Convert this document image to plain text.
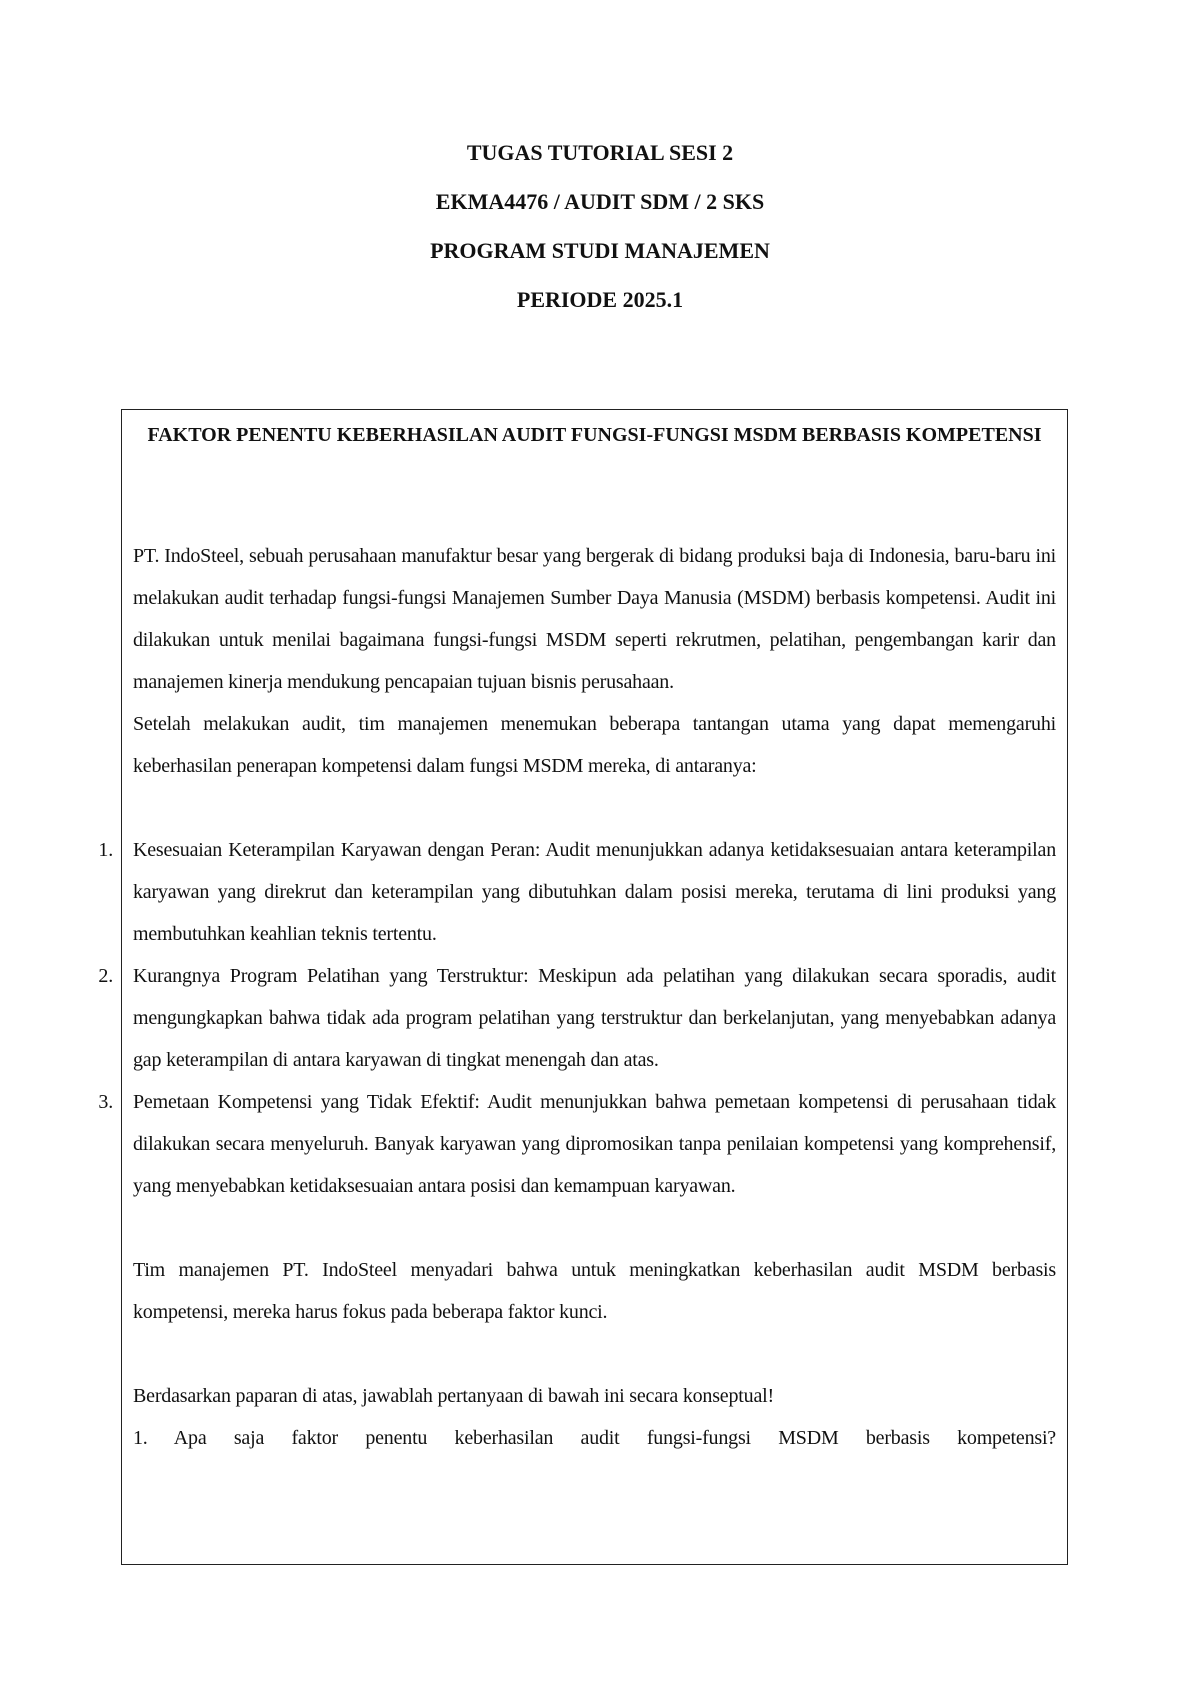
TUGAS TUTORIAL SESI 2
EKMA4476 / AUDIT SDM / 2 SKS
PROGRAM STUDI MANAJEMEN
PERIODE 2025.1
FAKTOR PENENTU KEBERHASILAN AUDIT FUNGSI-FUNGSI MSDM BERBASIS KOMPETENSI

PT. IndoSteel, sebuah perusahaan manufaktur besar yang bergerak di bidang produksi baja di Indonesia, baru-baru ini melakukan audit terhadap fungsi-fungsi Manajemen Sumber Daya Manusia (MSDM) berbasis kompetensi. Audit ini dilakukan untuk menilai bagaimana fungsi-fungsi MSDM seperti rekrutmen, pelatihan, pengembangan karir dan manajemen kinerja mendukung pencapaian tujuan bisnis perusahaan.

Setelah melakukan audit, tim manajemen menemukan beberapa tantangan utama yang dapat memengaruhi keberhasilan penerapan kompetensi dalam fungsi MSDM mereka, di antaranya:

1. Kesesuaian Keterampilan Karyawan dengan Peran: Audit menunjukkan adanya ketidaksesuaian antara keterampilan karyawan yang direkrut dan keterampilan yang dibutuhkan dalam posisi mereka, terutama di lini produksi yang membutuhkan keahlian teknis tertentu.
2. Kurangnya Program Pelatihan yang Terstruktur: Meskipun ada pelatihan yang dilakukan secara sporadis, audit mengungkapkan bahwa tidak ada program pelatihan yang terstruktur dan berkelanjutan, yang menyebabkan adanya gap keterampilan di antara karyawan di tingkat menengah dan atas.
3. Pemetaan Kompetensi yang Tidak Efektif: Audit menunjukkan bahwa pemetaan kompetensi di perusahaan tidak dilakukan secara menyeluruh. Banyak karyawan yang dipromosikan tanpa penilaian kompetensi yang komprehensif, yang menyebabkan ketidaksesuaian antara posisi dan kemampuan karyawan.

Tim manajemen PT. IndoSteel menyadari bahwa untuk meningkatkan keberhasilan audit MSDM berbasis kompetensi, mereka harus fokus pada beberapa faktor kunci.

Berdasarkan paparan di atas, jawablah pertanyaan di bawah ini secara konseptual!

1. Apa saja faktor penentu keberhasilan audit fungsi-fungsi MSDM berbasis kompetensi?
